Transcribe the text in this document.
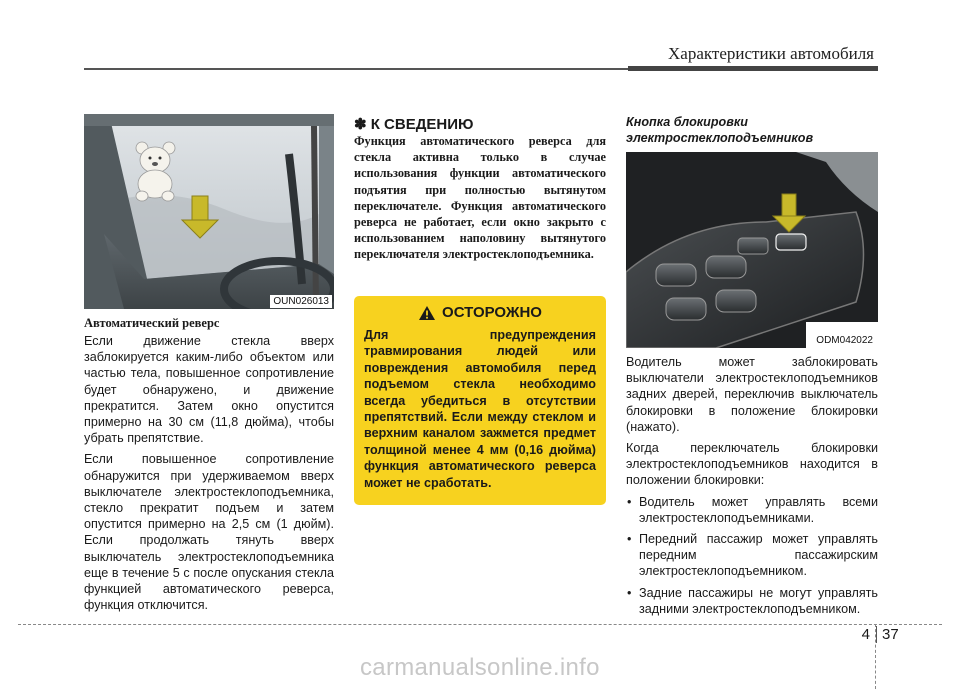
Характеристики автомобиля
OUN026013
Автоматический реверс

Если движение стекла вверх заблокируется каким-либо объектом или частью тела, повышенное сопротивление будет обнаружено, и движение прекратится. Затем окно опустится примерно на 30 см (11,8 дюйма), чтобы убрать препятствие.

Если повышенное сопротивление обнаружится при удерживаемом вверх выключателе электростеклоподъемника, стекло прекратит подъем и затем опустится примерно на 2,5 см (1 дюйм). Если продолжать тянуть вверх выключатель электростеклоподъемника еще в течение 5 с после опускания стекла функцией автоматического реверса, функция отключится.

✽ К СВЕДЕНИЮ
Функция автоматического реверса для стекла активна только в случае использования функции автоматического подъятия при полностью вытянутом переключателе. Функция автоматического реверса не работает, если окно закрыто с использованием наполовину вытянутого переключателя электростеклоподъемника.
ОСТОРОЖНО
Для предупреждения травмирования людей или повреждения автомобиля перед подъемом стекла необходимо всегда убедиться в отсутствии препятствий. Если между стеклом и верхним каналом зажмется предмет толщиной менее 4 мм (0,16 дюйма) функция автоматического реверса может не сработать.
Кнопка блокировки электростеклоподъемников
ODM042022

Водитель может заблокировать выключатели электростеклоподъемников задних дверей, переключив выключатель блокировки в положение блокировки (нажато).

Когда переключатель блокировки электростеклоподъемников находится в положении блокировки:

• Водитель может управлять всеми электростеклоподъемниками.
• Передний пассажир может управлять передним пассажирским электростеклоподъемником.
• Задние пассажиры не могут управлять задними электростеклоподъемником.
4 37
carmanualsonline.info
